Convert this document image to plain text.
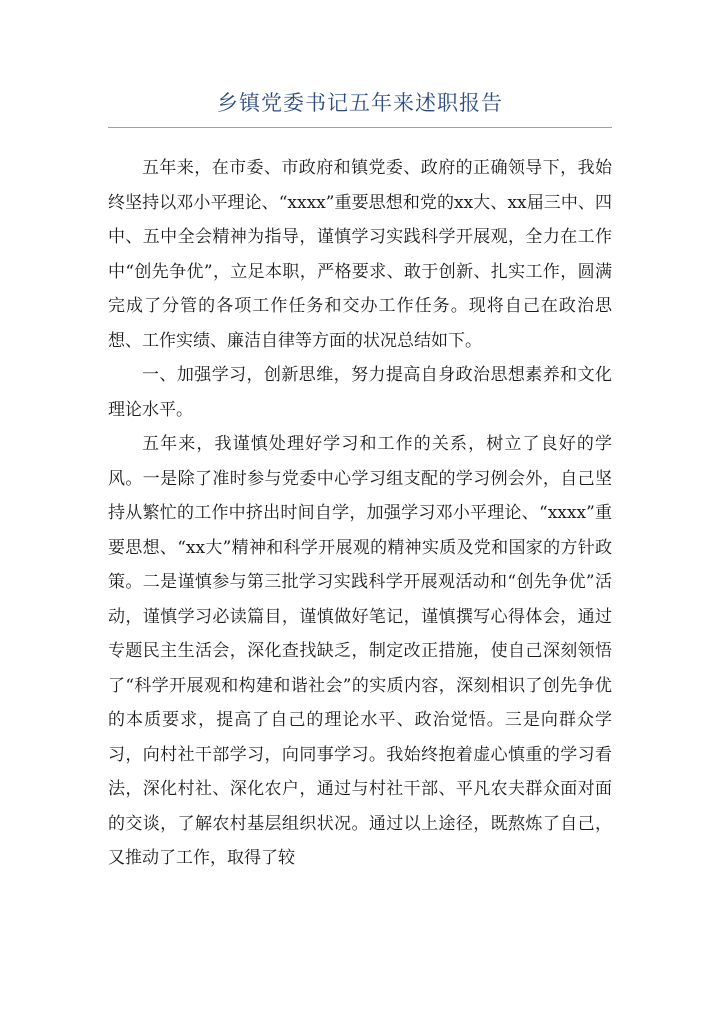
乡镇党委书记五年来述职报告

五年来，在市委、市政府和镇党委、政府的正确领导下，我始终坚持以邓小平理论、“xxxx”重要思想和党的xx大、xx届三中、四中、五中全会精神为指导，谨慎学习实践科学开展观，全力在工作中“创先争优”，立足本职，严格要求、敢于创新、扎实工作，圆满完成了分管的各项工作任务和交办工作任务。现将自己在政治思想、工作实绩、廉洁自律等方面的状况总结如下。

一、加强学习，创新思维，努力提高自身政治思想素养和文化理论水平。

五年来，我谨慎处理好学习和工作的关系，树立了良好的学风。一是除了准时参与党委中心学习组支配的学习例会外，自己坚持从繁忙的工作中挤出时间自学，加强学习邓小平理论、“xxxx”重要思想、“xx大”精神和科学开展观的精神实质及党和国家的方针政策。二是谨慎参与第三批学习实践科学开展观活动和“创先争优”活动，谨慎学习必读篇目，谨慎做好笔记，谨慎撰写心得体会，通过专题民主生活会，深化查找缺乏，制定改正措施，使自己深刻领悟了“科学开展观和构建和谐社会”的实质内容，深刻相识了创先争优的本质要求，提高了自己的理论水平、政治觉悟。三是向群众学习，向村社干部学习，向同事学习。我始终抱着虚心慎重的学习看法，深化村社、深化农户，通过与村社干部、平凡农夫群众面对面的交谈，了解农村基层组织状况。通过以上途径，既熬炼了自己，又推动了工作，取得了较
